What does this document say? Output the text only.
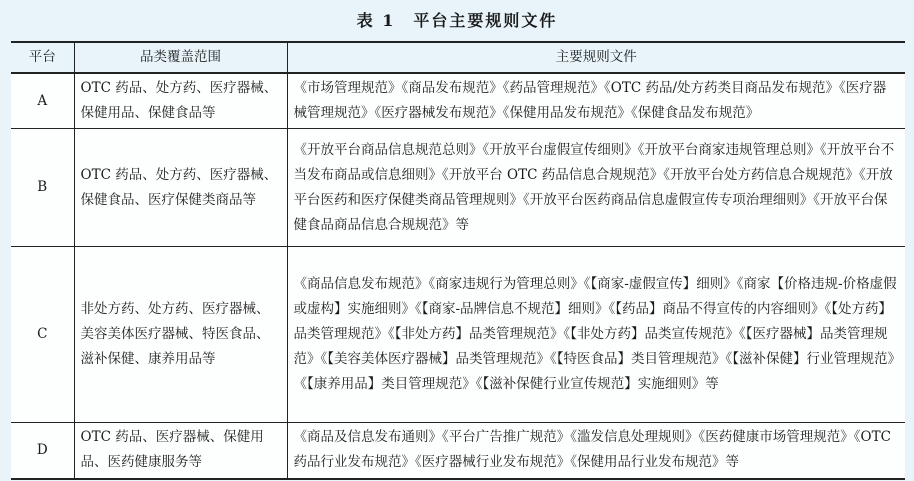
表 1　平台主要规则文件
平台	品类覆盖范围	主要规则文件
A	OTC 药品、处方药、医疗器械、保健用品、保健食品等	《市场管理规范》《商品发布规范》《药品管理规范》《OTC 药品/处方药类目商品发布规范》《医疗器械管理规范》《医疗器械发布规范》《保健用品发布规范》《保健食品发布规范》
B	OTC 药品、处方药、医疗器械、保健食品、医疗保健类商品等	《开放平台商品信息规范总则》《开放平台虚假宣传细则》《开放平台商家违规管理总则》《开放平台不当发布商品或信息细则》《开放平台 OTC 药品信息合规规范》《开放平台处方药信息合规规范》《开放平台医药和医疗保健类商品管理规则》《开放平台医药商品信息虚假宣传专项治理细则》《开放平台保健食品商品信息合规规范》等
C	非处方药、处方药、医疗器械、美容美体医疗器械、特医食品、滋补保健、康养用品等	《商品信息发布规范》《商家违规行为管理总则》《【商家-虚假宣传】细则》《商家【价格违规-价格虚假或虚构】实施细则》《【商家-品牌信息不规范】细则》《【药品】商品不得宣传的内容细则》《【处方药】品类管理规范》《【非处方药】品类管理规范》《【非处方药】品类宣传规范》《【医疗器械】品类管理规范》《【美容美体医疗器械】品类管理规范》《【特医食品】类目管理规范》《【滋补保健】行业管理规范》《【康养用品】类目管理规范》《【滋补保健行业宣传规范】实施细则》等
D	OTC 药品、医疗器械、保健用品、医药健康服务等	《商品及信息发布通则》《平台广告推广规范》《滥发信息处理规则》《医药健康市场管理规范》《OTC 药品行业发布规范》《医疗器械行业发布规范》《保健用品行业发布规范》等
